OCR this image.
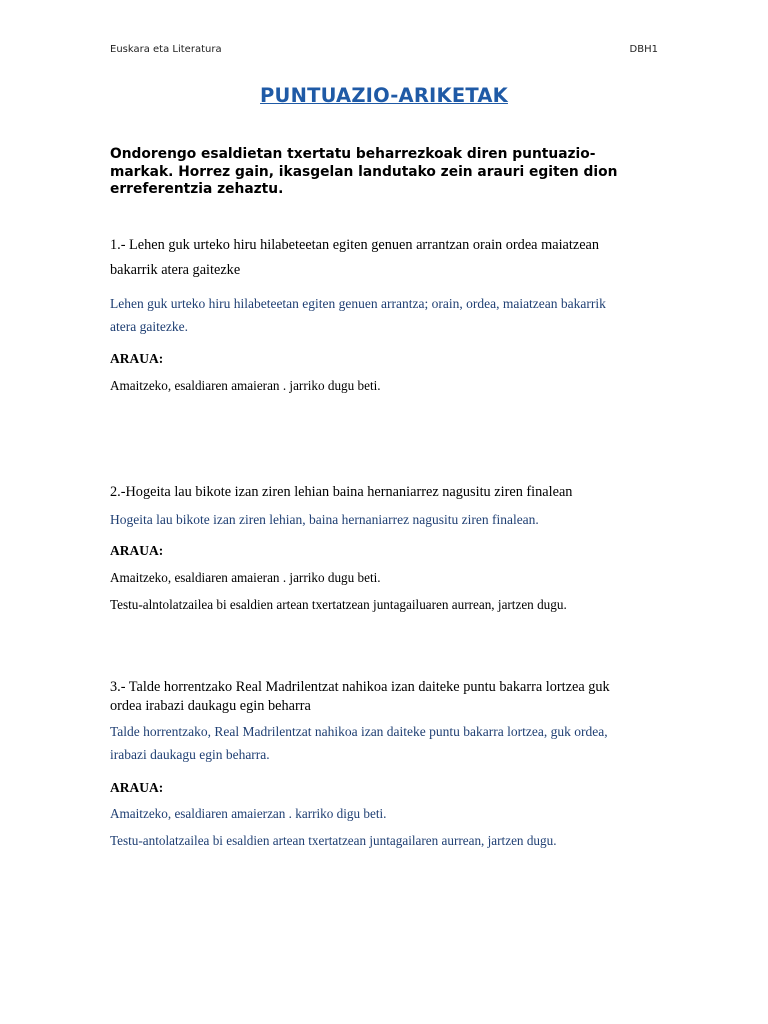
Euskara eta Literatura	DBH1
PUNTUAZIO-ARIKETAK
Ondorengo esaldietan txertatu beharrezkoak diren puntuazio-
markak. Horrez gain, ikasgelan landutako zein arauri egiten dion
erreferentzia zehaztu.
1.- Lehen guk urteko hiru hilabeteetan egiten genuen arrantzan orain ordea maiatzean
bakarrik atera gaitezke
Lehen guk urteko hiru hilabeteetan egiten genuen arrantza; orain, ordea, maiatzean bakarrik
atera gaitezke.
ARAUA:
Amaitzeko, esaldiaren amaieran . jarriko dugu beti.
2.-Hogeita lau bikote izan ziren lehian baina hernaniarrez nagusitu ziren finalean
Hogeita lau bikote izan ziren lehian, baina hernaniarrez nagusitu ziren finalean.
ARAUA:
Amaitzeko, esaldiaren amaieran . jarriko dugu beti.
Testu-alntolatzailea bi esaldien artean txertatzean juntagailuaren aurrean, jartzen dugu.
3.- Talde horrentzako Real Madrilentzat nahikoa izan daiteke puntu bakarra lortzea guk
ordea irabazi daukagu egin beharra
Talde horrentzako, Real Madrilentzat nahikoa izan daiteke puntu bakarra lortzea, guk ordea,
irabazi daukagu egin beharra.
ARAUA:
Amaitzeko, esaldiaren amaierzan . karriko digu beti.
Testu-antolatzailea bi esaldien artean txertatzean juntagailaren aurrean, jartzen dugu.
